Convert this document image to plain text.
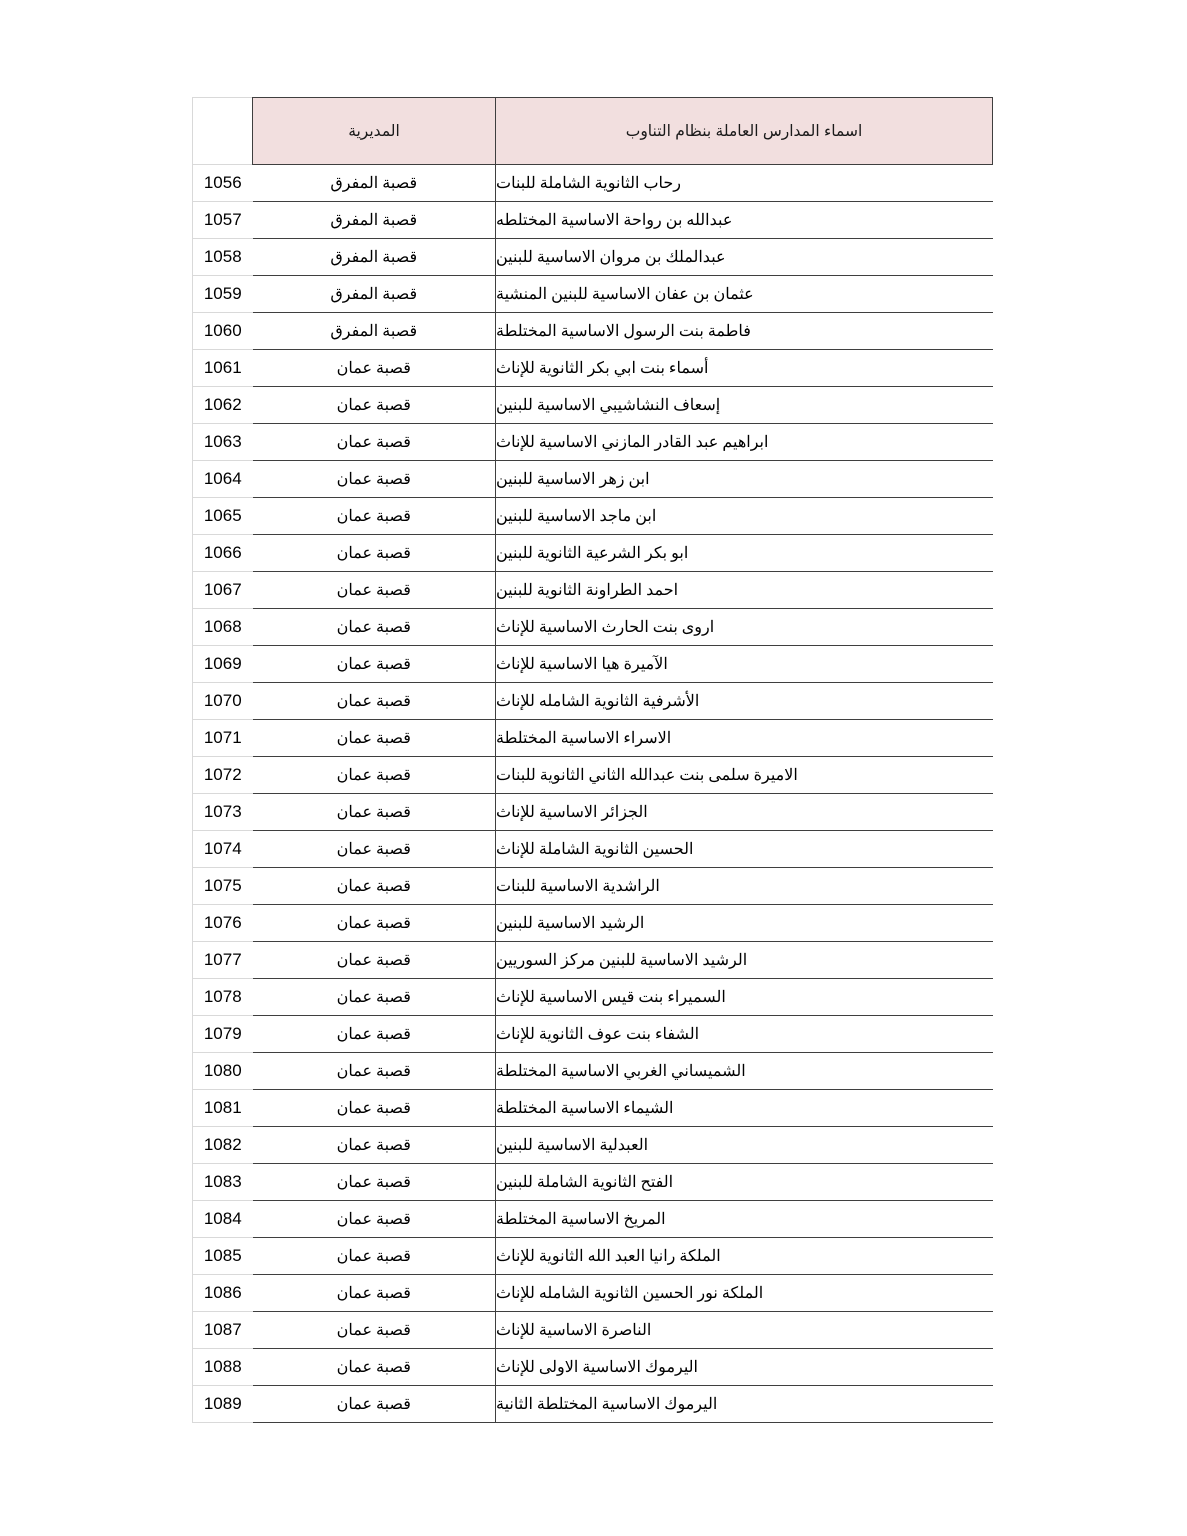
اسماء المدارس العاملة بنظام التناوب	المديرية	
رحاب الثانوية الشاملة للبنات	قصبة المفرق	1056
عبدالله بن رواحة الاساسية المختلطه	قصبة المفرق	1057
عبدالملك بن مروان الاساسية للبنين	قصبة المفرق	1058
عثمان بن عفان الاساسية للبنين المنشية	قصبة المفرق	1059
فاطمة بنت الرسول الاساسية المختلطة	قصبة المفرق	1060
أسماء بنت ابي بكر الثانوية للإناث	قصبة عمان	1061
إسعاف النشاشيبي الاساسية للبنين	قصبة عمان	1062
ابراهيم عبد القادر المازني الاساسية للإناث	قصبة عمان	1063
ابن زهر الاساسية للبنين	قصبة عمان	1064
ابن ماجد الاساسية للبنين	قصبة عمان	1065
ابو بكر الشرعية الثانوية للبنين	قصبة عمان	1066
احمد الطراونة الثانوية للبنين	قصبة عمان	1067
اروى بنت الحارث الاساسية للإناث	قصبة عمان	1068
الآميرة هيا الاساسية للإناث	قصبة عمان	1069
الأشرفية الثانوية الشامله للإناث	قصبة عمان	1070
الاسراء الاساسية المختلطة	قصبة عمان	1071
الاميرة سلمى بنت عبدالله الثاني الثانوية للبنات	قصبة عمان	1072
الجزائر الاساسية للإناث	قصبة عمان	1073
الحسين الثانوية الشاملة للإناث	قصبة عمان	1074
الراشدية الاساسية للبنات	قصبة عمان	1075
الرشيد الاساسية للبنين	قصبة عمان	1076
الرشيد الاساسية للبنين مركز السوريين	قصبة عمان	1077
السميراء بنت قيس الاساسية للإناث	قصبة عمان	1078
الشفاء بنت عوف الثانوية للإناث	قصبة عمان	1079
الشميساني الغربي الاساسية المختلطة	قصبة عمان	1080
الشيماء الاساسية المختلطة	قصبة عمان	1081
العبدلية الاساسية للبنين	قصبة عمان	1082
الفتح الثانوية الشاملة للبنين	قصبة عمان	1083
المريخ الاساسية المختلطة	قصبة عمان	1084
الملكة رانيا العبد الله الثانوية للإناث	قصبة عمان	1085
الملكة نور الحسين الثانوية الشامله للإناث	قصبة عمان	1086
الناصرة الاساسية للإناث	قصبة عمان	1087
اليرموك الاساسية الاولى للإناث	قصبة عمان	1088
اليرموك الاساسية المختلطة الثانية	قصبة عمان	1089
